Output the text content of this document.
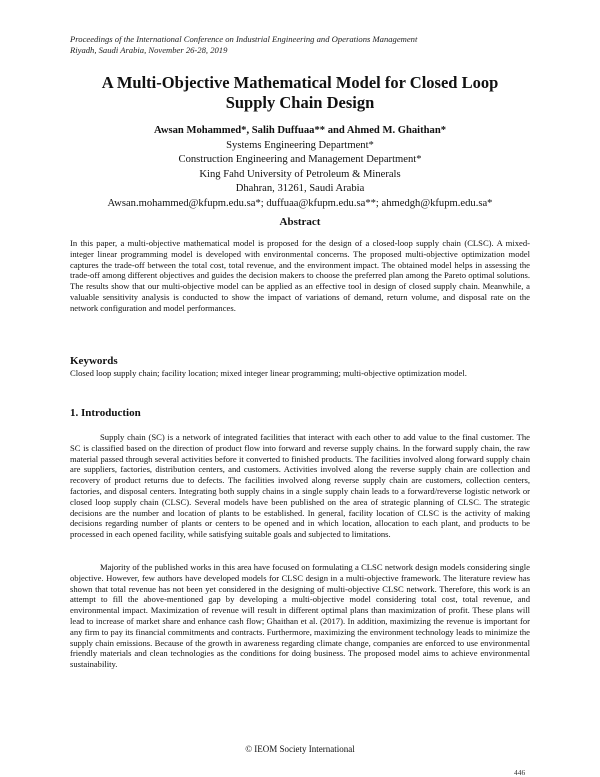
Proceedings of the International Conference on Industrial Engineering and Operations Management
Riyadh, Saudi Arabia, November 26-28, 2019
A Multi-Objective Mathematical Model for Closed Loop
Supply Chain Design
Awsan Mohammed*, Salih Duffuaa** and Ahmed M. Ghaithan*
Systems Engineering Department*
Construction Engineering and Management Department*
King Fahd University of Petroleum & Minerals
Dhahran, 31261, Saudi Arabia
Awsan.mohammed@kfupm.edu.sa*; duffuaa@kfupm.edu.sa**; ahmedgh@kfupm.edu.sa*
Abstract

In this paper, a multi-objective mathematical model is proposed for the design of a closed-loop supply chain (CLSC). A mixed-integer linear programming model is developed with environmental concerns. The proposed multi-objective optimization model captures the trade-off between the total cost, total revenue, and the environment impact. The obtained model helps in assessing the trade-off among different objectives and guides the decision makers to choose the preferred plan among the Pareto optimal solutions. The results show that our multi-objective model can be applied as an effective tool in design of closed supply chain. Meanwhile, a valuable sensitivity analysis is conducted to show the impact of variations of demand, return volume, and disposal rate on the network configuration and model performances.

Keywords

Closed loop supply chain; facility location; mixed integer linear programming; multi-objective optimization model.

1. Introduction

Supply chain (SC) is a network of integrated facilities that interact with each other to add value to the final customer. The SC is classified based on the direction of product flow into forward and reverse supply chains. In the forward supply chain, the raw material passed through several activities before it converted to finished products. The facilities involved along forward supply chain are suppliers, factories, distribution centers, and customers. Activities involved along the reverse supply chain are collection and recovery of product returns due to defects. The facilities involved along reverse supply chain are customers, collection centers, factories, and disposal centers. Integrating both supply chains in a single supply chain leads to a forward/reverse logistic network or closed loop supply chain (CLSC). Several models have been published on the area of strategic planning of CLSC. The strategic decisions are the number and location of plants to be established. In general, facility location of CLSC is the activity of making decisions regarding number of plants or centers to be opened and in which location, allocation to each plant, and products to be processed in each opened facility, while satisfying suitable goals and subjected to limitations.

Majority of the published works in this area have focused on formulating a CLSC network design models considering single objective. However, few authors have developed models for CLSC design in a multi-objective framework. The literature review has shown that total revenue has not been yet considered in the designing of multi-objective CLSC network. Therefore, this work is an attempt to fill the above-mentioned gap by developing a multi-objective model considering total cost, total revenue, and environmental impact. Maximization of revenue will result in different optimal plans than maximization of profit. These plans will lead to increase of market share and enhance cash flow; Ghaithan et al. (2017). In addition, maximizing the revenue is important for any firm to pay its financial commitments and contracts. Furthermore, maximizing the environment technology leads to minimize the supply chain emissions. Because of the growth in awareness regarding climate change, companies are enforced to use environmental friendly materials and clean technologies as the conditions for doing business. The proposed model aims to achieve environmental sustainability.

© IEOM Society International
446
